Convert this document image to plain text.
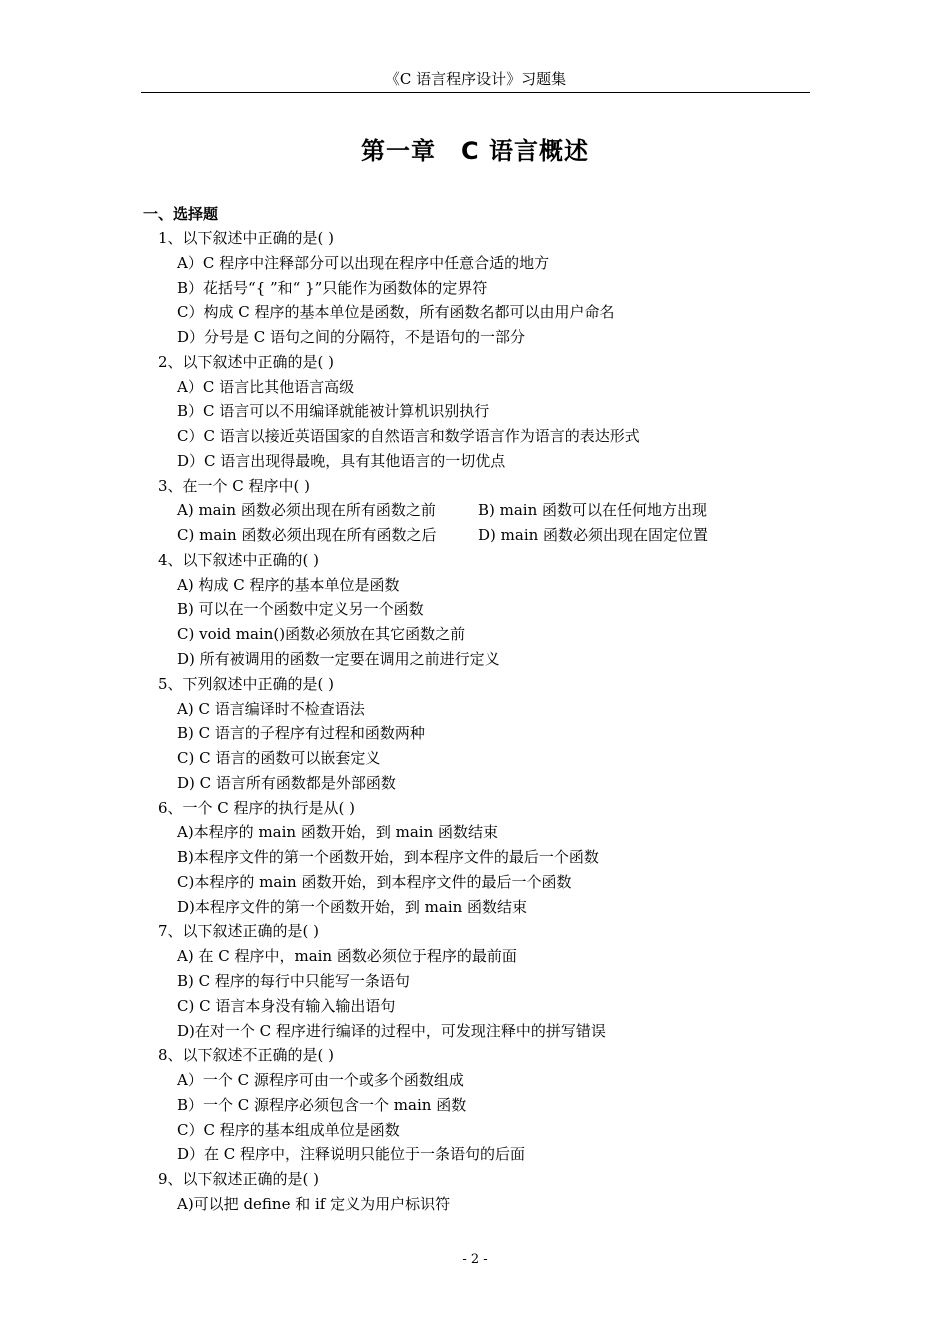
《C 语言程序设计》习题集
第一章　C 语言概述
一、选择题
1、以下叙述中正确的是( )
A）C 程序中注释部分可以出现在程序中任意合适的地方
B）花括号“{ ”和“ }”只能作为函数体的定界符
C）构成 C 程序的基本单位是函数，所有函数名都可以由用户命名
D）分号是 C 语句之间的分隔符，不是语句的一部分
2、以下叙述中正确的是( )
A）C 语言比其他语言高级
B）C 语言可以不用编译就能被计算机识别执行
C）C 语言以接近英语国家的自然语言和数学语言作为语言的表达形式
D）C 语言出现得最晚，具有其他语言的一切优点
3、在一个 C 程序中( )
A) main 函数必须出现在所有函数之前	B) main 函数可以在任何地方出现
C) main 函数必须出现在所有函数之后	D) main 函数必须出现在固定位置
4、以下叙述中正确的( )
A) 构成 C 程序的基本单位是函数
B) 可以在一个函数中定义另一个函数
C) void main()函数必须放在其它函数之前
D) 所有被调用的函数一定要在调用之前进行定义
5、下列叙述中正确的是( )
A) C 语言编译时不检查语法
B) C 语言的子程序有过程和函数两种
C) C 语言的函数可以嵌套定义
D) C 语言所有函数都是外部函数
6、一个 C 程序的执行是从( )
A)本程序的 main 函数开始，到 main 函数结束
B)本程序文件的第一个函数开始，到本程序文件的最后一个函数
C)本程序的 main 函数开始，到本程序文件的最后一个函数
D)本程序文件的第一个函数开始，到 main 函数结束
7、以下叙述正确的是( )
A) 在 C 程序中，main 函数必须位于程序的最前面
B) C 程序的每行中只能写一条语句
C) C 语言本身没有输入输出语句
D)在对一个 C 程序进行编译的过程中，可发现注释中的拼写错误
8、以下叙述不正确的是( )
A）一个 C 源程序可由一个或多个函数组成
B）一个 C 源程序必须包含一个 main 函数
C）C 程序的基本组成单位是函数
D）在 C 程序中，注释说明只能位于一条语句的后面
9、以下叙述正确的是( )
A)可以把 define 和 if 定义为用户标识符
- 2 -
